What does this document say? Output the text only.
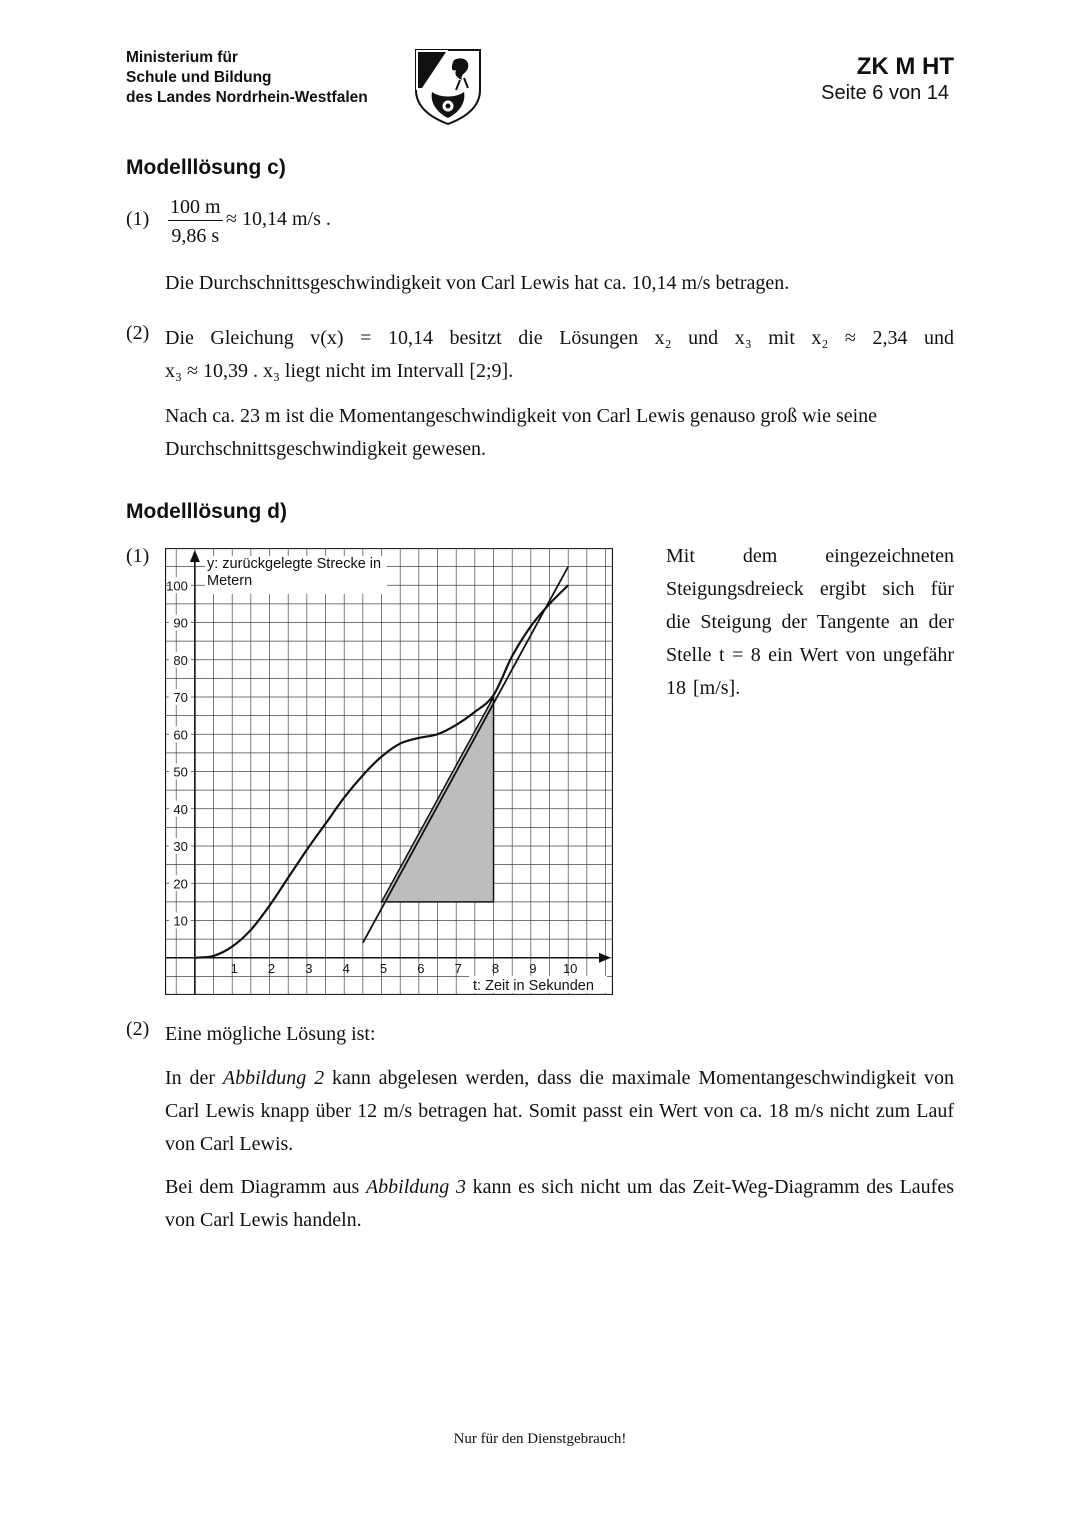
Ministerium für
Schule und Bildung
des Landes Nordrhein-Westfalen
ZK M HT
Seite 6 von 14
Modelllösung c)
$(1) \frac{100 m}{9,86 s} \approx 10,14$ m/s .
Die Durchschnittsgeschwindigkeit von Carl Lewis hat ca. 10,14 m/s betragen.
(2) Die Gleichung v(x) = 10,14 besitzt die Lösungen x₂ und x₃ mit x₂ ≈ 2,34 und
x₃ ≈ 10,39 . x₃ liegt nicht im Intervall [2;9].
Nach ca. 23 m ist die Momentangeschwindigkeit von Carl Lewis genauso groß wie seine Durchschnittsgeschwindigkeit gewesen.
Modelllösung d)
(1)
1 2 3 4 5 6 7 8 9 10
10
20
30
40
50
60
70
80
90
100
y: zurückgelegte Strecke in Metern
t: Zeit in Sekunden
Mit dem eingezeichneten Steigungsdreieck ergibt sich für die Steigung der Tangente an der Stelle t = 8 ein Wert von ungefähr 18 [m/s].
(2) Eine mögliche Lösung ist:
In der Abbildung 2 kann abgelesen werden, dass die maximale Momentangeschwindigkeit von Carl Lewis knapp über 12 m/s betragen hat. Somit passt ein Wert von ca. 18 m/s nicht zum Lauf von Carl Lewis.
Bei dem Diagramm aus Abbildung 3 kann es sich nicht um das Zeit-Weg-Diagramm des Laufes von Carl Lewis handeln.
Nur für den Dienstgebrauch!
